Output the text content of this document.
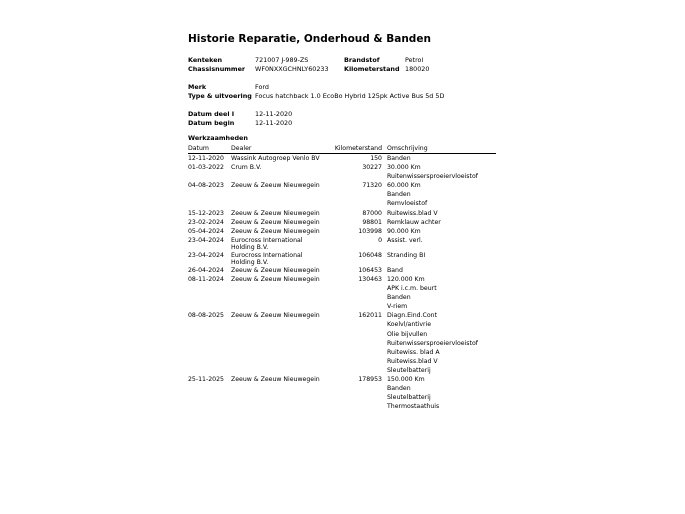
Historie Reparatie, Onderhoud & Banden
Kenteken	721007 J-989-ZS	Brandstof	Petrol
Chassisnummer WF0NXXGCHNLY60233 Kilometerstand 180020
Merk	Ford
Type & uitvoering Focus hatchback 1.0 EcoBo Hybrid 125pk Active Bus 5d 5D
Datum deel I	12-11-2020
Datum begin	12-11-2020
Werkzaamheden
Datum	Dealer	Kilometerstand Omschrijving
12-11-2020 Wassink Autogroep Venlo BV	150 Banden
01-03-2022 Crum B.V.	30227 30.000 Km
Ruitenwissersproeiervloeistof
04-08-2023 Zeeuw & Zeeuw Nieuwegein	71320 60.000 Km
Banden
Remvloeistof
15-12-2023 Zeeuw & Zeeuw Nieuwegein	87000 Ruitewiss.blad V
23-02-2024 Zeeuw & Zeeuw Nieuwegein	98801 Remklauw achter
05-04-2024 Zeeuw & Zeeuw Nieuwegein	103998 90.000 Km
23-04-2024 Eurocross International Holding B.V.
0 Assist. verl.
23-04-2024 Eurocross International Holding B.V.
106048 Stranding BI
26-04-2024 Zeeuw & Zeeuw Nieuwegein	106453 Band
08-11-2024 Zeeuw & Zeeuw Nieuwegein	130463 120.000 Km
APK i.c.m. beurt
Banden
V-riem
08-08-2025 Zeeuw & Zeeuw Nieuwegein	162011 Diagn.Eind.Cont
Koelvl/antivrie
Olie bijvullen
Ruitenwissersproeiervloeistof
Ruitewiss. blad A
Ruitewiss.blad V
Sleutelbatterij
25-11-2025 Zeeuw & Zeeuw Nieuwegein	178953 150.000 Km
Banden
Sleutelbatterij
Thermostaathuis
